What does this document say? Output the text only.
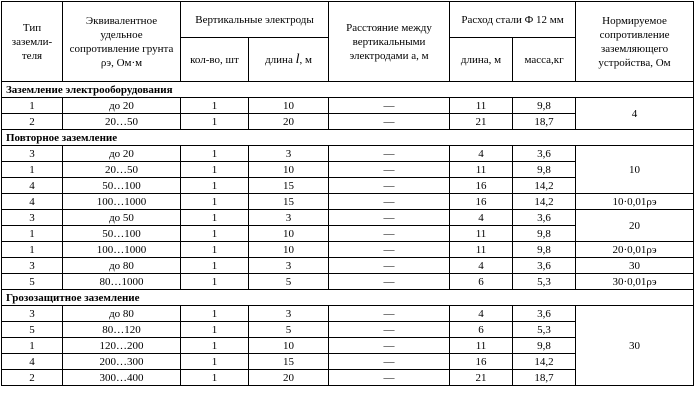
Тип заземли-теля	Эквивалентное удельное сопротивление грунта ρэ, Ом·м	Вертикальные электроды		Расстояние между вертикальными электродами а, м	Расход стали Ф 12 мм		Нормируемое сопротивление заземляющего устройства, Ом
		кол-во, шт	длина l, м		длина, м	масса,кг	
Заземление электрооборудования							
1	до 20	1	10	—	11	9,8	4
2	20…50	1	20	—	21	18,7	
Повторное заземление							
3	до 20	1	3	—	4	3,6	10
1	20…50	1	10	—	11	9,8	
4	50…100	1	15	—	16	14,2	
4	100…1000	1	15	—	16	14,2	10·0,01ρэ
3	до 50	1	3	—	4	3,6	20
1	50…100	1	10	—	11	9,8	
1	100…1000	1	10	—	11	9,8	20·0,01ρэ
3	до 80	1	3	—	4	3,6	30
5	80…1000	1	5	—	6	5,3	30·0,01ρэ
Грозозащитное заземление							
3	до 80	1	3	—	4	3,6	30
5	80…120	1	5	—	6	5,3	
1	120…200	1	10	—	11	9,8	
4	200…300	1	15	—	16	14,2	
2	300…400	1	20	—	21	18,7	
